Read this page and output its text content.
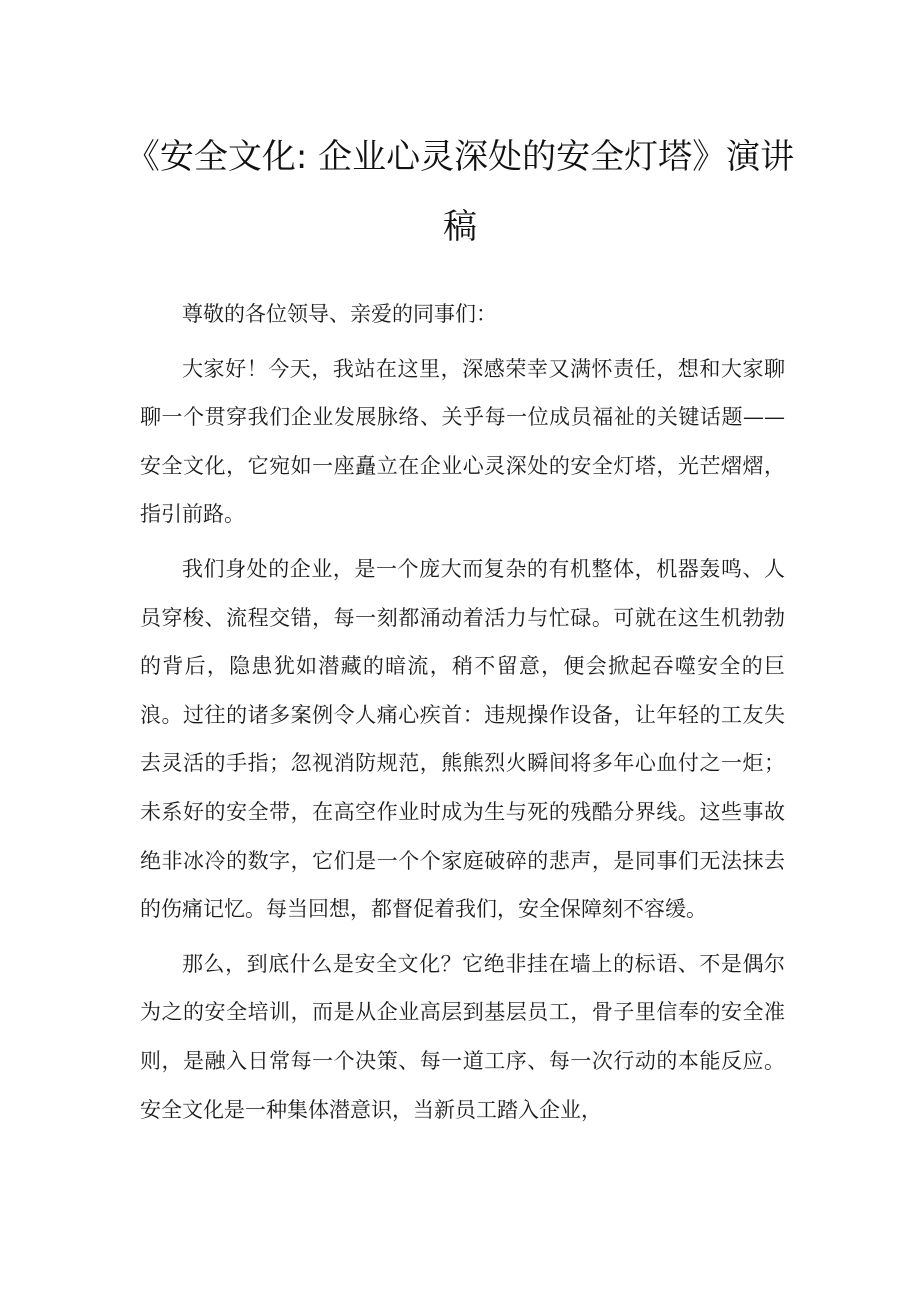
《安全文化: 企业心灵深处的安全灯塔》演讲稿

尊敬的各位领导、亲爱的同事们：

大家好！今天，我站在这里，深感荣幸又满怀责任，想和大家聊聊一个贯穿我们企业发展脉络、关乎每一位成员福祉的关键话题——安全文化，它宛如一座矗立在企业心灵深处的安全灯塔，光芒熠熠，指引前路。

我们身处的企业，是一个庞大而复杂的有机整体，机器轰鸣、人员穿梭、流程交错，每一刻都涌动着活力与忙碌。可就在这生机勃勃的背后，隐患犹如潜藏的暗流，稍不留意，便会掀起吞噬安全的巨浪。过往的诸多案例令人痛心疾首：违规操作设备，让年轻的工友失去灵活的手指；忽视消防规范，熊熊烈火瞬间将多年心血付之一炬；未系好的安全带，在高空作业时成为生与死的残酷分界线。这些事故绝非冰冷的数字，它们是一个个家庭破碎的悲声，是同事们无法抹去的伤痛记忆。每当回想，都督促着我们，安全保障刻不容缓。

那么，到底什么是安全文化？它绝非挂在墙上的标语、不是偶尔为之的安全培训，而是从企业高层到基层员工，骨子里信奉的安全准则，是融入日常每一个决策、每一道工序、每一次行动的本能反应。安全文化是一种集体潜意识，当新员工踏入企业，
